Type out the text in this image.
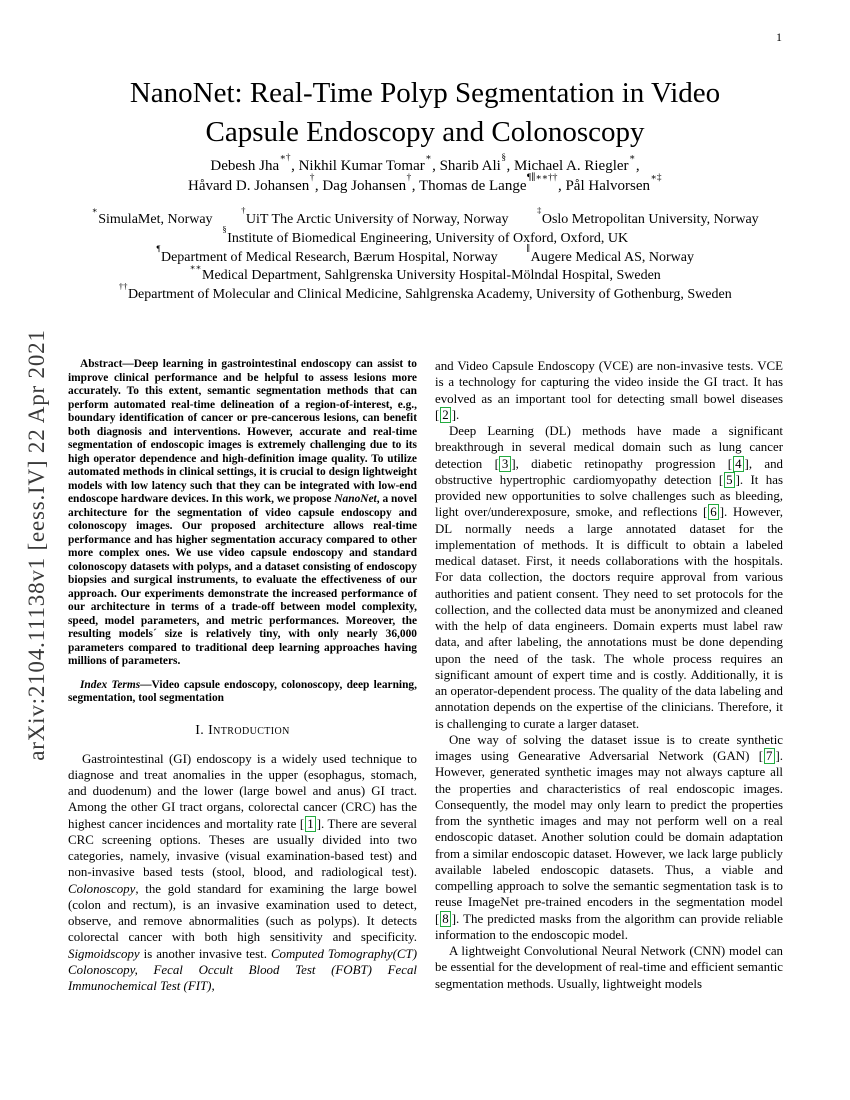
1
arXiv:2104.11138v1 [eess.IV] 22 Apr 2021
NanoNet: Real-Time Polyp Segmentation in Video
Capsule Endoscopy and Colonoscopy
Debesh Jha∗†, Nikhil Kumar Tomar∗, Sharib Ali§, Michael A. Riegler∗,
Håvard D. Johansen†, Dag Johansen†, Thomas de Lange¶∥∗∗††, Pål Halvorsen∗‡
∗SimulaMet, Norway  †UiT The Arctic University of Norway, Norway  ‡Oslo Metropolitan University, Norway
§Institute of Biomedical Engineering, University of Oxford, Oxford, UK
¶Department of Medical Research, Bærum Hospital, Norway  ∥Augere Medical AS, Norway
∗∗Medical Department, Sahlgrenska University Hospital-Mölndal Hospital, Sweden
††Department of Molecular and Clinical Medicine, Sahlgrenska Academy, University of Gothenburg, Sweden

Abstract—Deep learning in gastrointestinal endoscopy can assist to improve clinical performance and be helpful to assess lesions more accurately. To this extent, semantic segmentation methods that can perform automated real-time delineation of a region-of-interest, e.g., boundary identification of cancer or pre-cancerous lesions, can benefit both diagnosis and interventions. However, accurate and real-time segmentation of endoscopic images is extremely challenging due to its high operator dependence and high-definition image quality. To utilize automated methods in clinical settings, it is crucial to design lightweight models with low latency such that they can be integrated with low-end endoscope hardware devices. In this work, we propose NanoNet, a novel architecture for the segmentation of video capsule endoscopy and colonoscopy images. Our proposed architecture allows real-time performance and has higher segmentation accuracy compared to other more complex ones. We use video capsule endoscopy and standard colonoscopy datasets with polyps, and a dataset consisting of endoscopy biopsies and surgical instruments, to evaluate the effectiveness of our approach. Our experiments demonstrate the increased performance of our architecture in terms of a trade-off between model complexity, speed, model parameters, and metric performances. Moreover, the resulting models´ size is relatively tiny, with only nearly 36,000 parameters compared to traditional deep learning approaches having millions of parameters.

Index Terms—Video capsule endoscopy, colonoscopy, deep learning, segmentation, tool segmentation

I. Introduction

Gastrointestinal (GI) endoscopy is a widely used technique to diagnose and treat anomalies in the upper (esophagus, stomach, and duodenum) and the lower (large bowel and anus) GI tract. Among the other GI tract organs, colorectal cancer (CRC) has the highest cancer incidences and mortality rate [ 1 ]. There are several CRC screening options. Theses are usually divided into two categories, namely, invasive (visual examination-based test) and non-invasive based tests (stool, blood, and radiological test). Colonoscopy, the gold standard for examining the large bowel (colon and rectum), is an invasive examination used to detect, observe, and remove abnormalities (such as polyps). It detects colorectal cancer with both high sensitivity and specificity. Sigmoidscopy is another invasive test. Computed Tomography(CT) Colonoscopy, Fecal Occult Blood Test (FOBT) Fecal Immunochemical Test (FIT),

and Video Capsule Endoscopy (VCE) are non-invasive tests. VCE is a technology for capturing the video inside the GI tract. It has evolved as an important tool for detecting small bowel diseases [ 2 ].

Deep Learning (DL) methods have made a significant breakthrough in several medical domain such as lung cancer detection [ 3 ], diabetic retinopathy progression [ 4 ], and obstructive hypertrophic cardiomyopathy detection [ 5 ]. It has provided new opportunities to solve challenges such as bleeding, light over/underexposure, smoke, and reflections [ 6 ]. However, DL normally needs a large annotated dataset for the implementation of methods. It is difficult to obtain a labeled medical dataset. First, it needs collaborations with the hospitals. For data collection, the doctors require approval from various authorities and patient consent. They need to set protocols for the collection, and the collected data must be anonymized and cleaned with the help of data engineers. Domain experts must label raw data, and after labeling, the annotations must be done depending upon the need of the task. The whole process requires an significant amount of expert time and is costly. Additionally, it is an operator-dependent process. The quality of the data labeling and annotation depends on the expertise of the clinicians. Therefore, it is challenging to curate a larger dataset.

One way of solving the dataset issue is to create synthetic images using Genearative Adversarial Network (GAN) [ 7 ]. However, generated synthetic images may not always capture all the properties and characteristics of real endoscopic images. Consequently, the model may only learn to predict the properties from the synthetic images and may not perform well on a real endoscopic dataset. Another solution could be domain adaptation from a similar endoscopic dataset. However, we lack large publicly available labeled endoscopic datasets. Thus, a viable and compelling approach to solve the semantic segmentation task is to reuse ImageNet pre-trained encoders in the segmentation model [ 8 ]. The predicted masks from the algorithm can provide reliable information to the endoscopic model.

A lightweight Convolutional Neural Network (CNN) model can be essential for the development of real-time and efficient semantic segmentation methods. Usually, lightweight models
